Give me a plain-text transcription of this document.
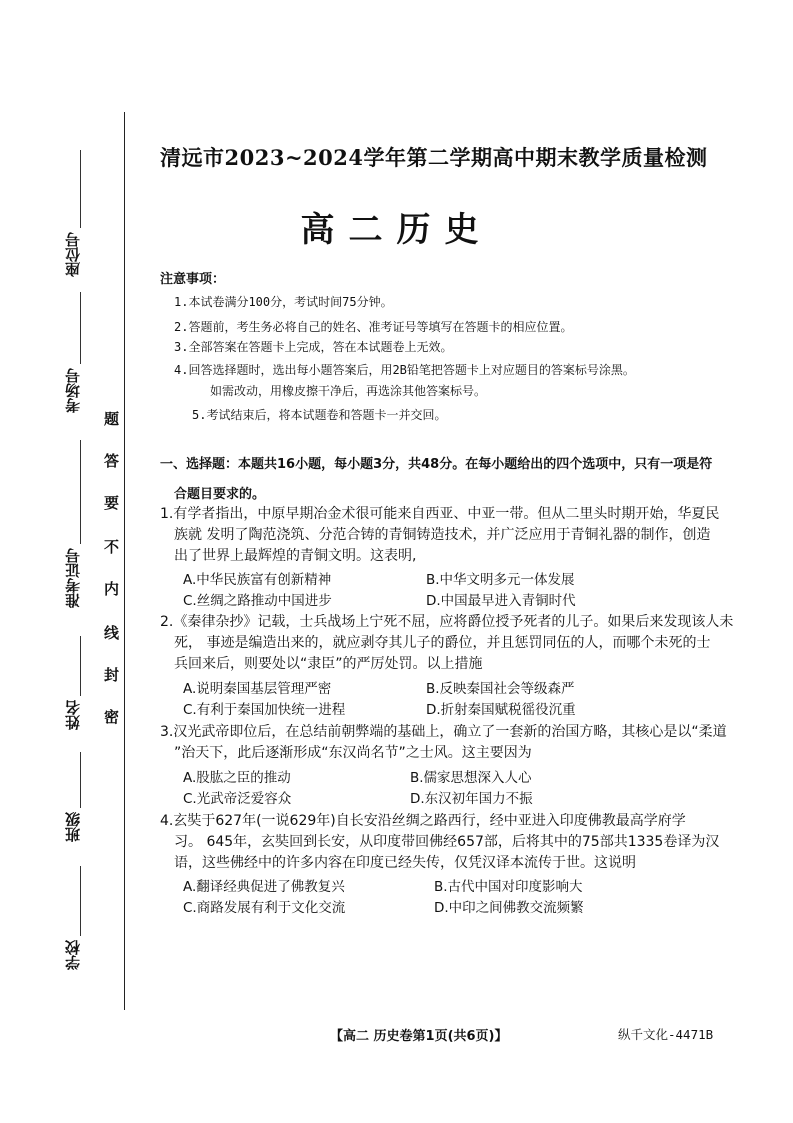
座位号
考场号
准考证号
姓名
班级
学校
题
答
要
不
内
线
封
密
清远市2023~2024学年第二学期高中期末教学质量检测
高二历史
注意事项：
1.本试卷满分100分，考试时间75分钟。
2.答题前，考生务必将自己的姓名、准考证号等填写在答题卡的相应位置。
3.全部答案在答题卡上完成，答在本试题卷上无效。
4.回答选择题时，选出每小题答案后，用2B铅笔把答题卡上对应题目的答案标号涂黑。
如需改动，用橡皮擦干净后，再选涂其他答案标号。
5.考试结束后，将本试题卷和答题卡一并交回。
一、选择题：本题共16小题，每小题3分，共48分。在每小题给出的四个选项中，只有一项是符
合题目要求的。
1.有学者指出，中原早期冶金术很可能来自西亚、中亚一带。但从二里头时期开始，华夏民
族就 发明了陶范浇筑、分范合铸的青铜铸造技术，并广泛应用于青铜礼器的制作，创造
出了世界上最辉煌的青铜文明。这表明,
A.中华民族富有创新精神	B.中华文明多元一体发展
C.丝绸之路推动中国进步	D.中国最早进入青铜时代
2.《秦律杂抄》记载，士兵战场上宁死不屈，应将爵位授予死者的儿子。如果后来发现该人未
死， 事迹是编造出来的，就应剥夺其儿子的爵位，并且惩罚同伍的人，而哪个未死的士
兵回来后，则要处以“隶臣”的严厉处罚。以上措施
A.说明秦国基层管理严密	B.反映秦国社会等级森严
C.有利于秦国加快统一进程	D.折射秦国赋税徭役沉重
3.汉光武帝即位后，在总结前朝弊端的基础上，确立了一套新的治国方略，其核心是以“柔道
”治天下，此后逐渐形成“东汉尚名节”之士风。这主要因为
A.股肱之臣的推动	B.儒家思想深入人心
C.光武帝泛爱容众	D.东汉初年国力不振
4.玄奘于627年(一说629年)自长安沿丝绸之路西行，经中亚进入印度佛教最高学府学
习。 645年，玄奘回到长安，从印度带回佛经657部，后将其中的75部共1335卷译为汉
语，这些佛经中的许多内容在印度已经失传，仅凭汉译本流传于世。这说明
A.翻译经典促进了佛教复兴	B.古代中国对印度影响大
C.商路发展有利于文化交流	D.中印之间佛教交流频繁
【高二 历史卷第1页(共6页)】	纵千文化-4471B
